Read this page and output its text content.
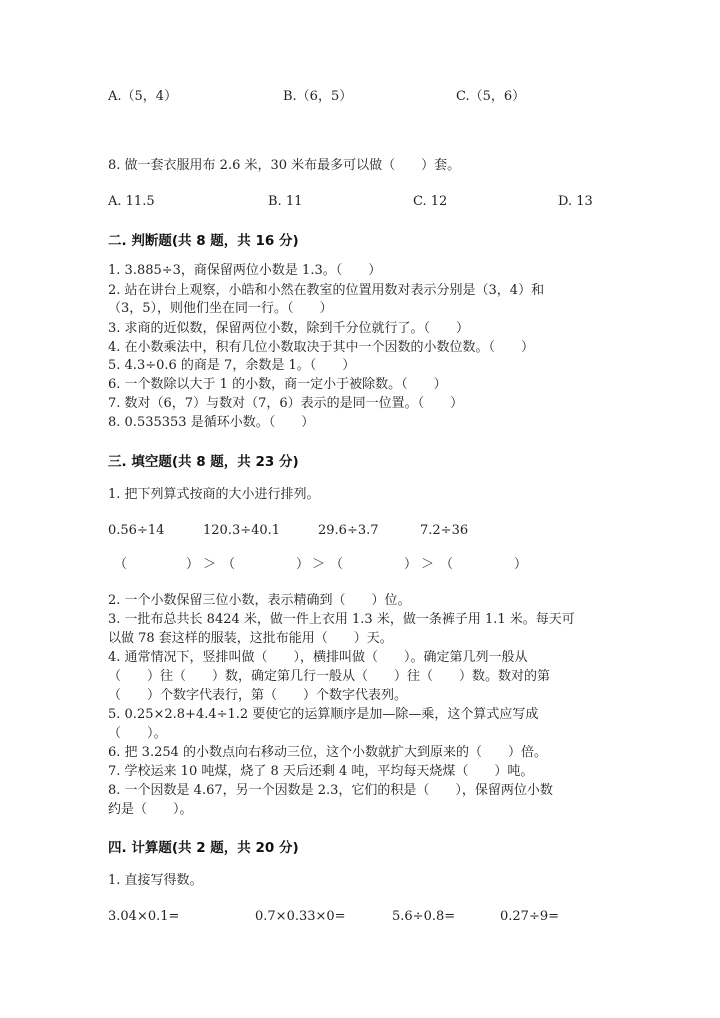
A.（5，4）	B.（6，5）	C.（5，6）
8. 做一套衣服用布 2.6 米，30 米布最多可以做（　　）套。
A. 11.5	B. 11	C. 12	D. 13
二. 判断题(共 8 题，共 16 分)
1. 3.885÷3，商保留两位小数是 1.3。（　　）
2. 站在讲台上观察，小皓和小然在教室的位置用数对表示分别是（3，4）和
（3，5），则他们坐在同一行。（　　）
3. 求商的近似数，保留两位小数，除到千分位就行了。（　　）
4. 在小数乘法中，积有几位小数取决于其中一个因数的小数位数。（　　）
5. 4.3÷0.6 的商是 7，余数是 1。（　　）
6. 一个数除以大于 1 的小数，商一定小于被除数。（　　）
7. 数对（6，7）与数对（7，6）表示的是同一位置。（　　）
8. 0.535353 是循环小数。（　　）
三. 填空题(共 8 题，共 23 分)
1. 把下列算式按商的大小进行排列。
0.56÷14	120.3÷40.1	29.6÷3.7	7.2÷36
（	） ＞ （	） ＞ （	） ＞ （	）
2. 一个小数保留三位小数，表示精确到（　　）位。
3. 一批布总共长 8424 米，做一件上衣用 1.3 米，做一条裤子用 1.1 米。每天可
以做 78 套这样的服装，这批布能用（　　）天。
4. 通常情况下，竖排叫做（　　），横排叫做（　　）。确定第几列一般从
（　　）往（　　）数，确定第几行一般从（　　）往（　　）数。数对的第
（　　）个数字代表行，第（　　）个数字代表列。
5. 0.25×2.8+4.4÷1.2 要使它的运算顺序是加—除—乘，这个算式应写成
（　　）。
6. 把 3.254 的小数点向右移动三位，这个小数就扩大到原来的（　　）倍。
7. 学校运来 10 吨煤，烧了 8 天后还剩 4 吨，平均每天烧煤（　　）吨。
8. 一个因数是 4.67，另一个因数是 2.3，它们的积是（　　），保留两位小数
约是（　　）。
四. 计算题(共 2 题，共 20 分)
1. 直接写得数。
3.04×0.1=	0.7×0.33×0=	5.6÷0.8=	0.27÷9=
